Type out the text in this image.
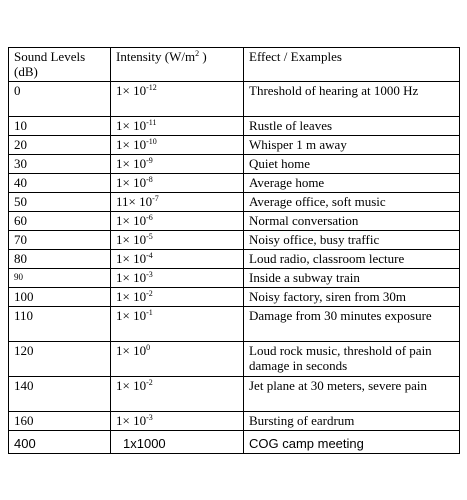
Sound Levels (dB)	Intensity ($W/m^2$ )	Effect / Examples
0	$1\times 10^{-12}$	Threshold of hearing at 1000 Hz
10	$1\times 10^{-11}$	Rustle of leaves
20	$1\times 10^{-10}$	Whisper 1 m away
30	$1\times 10^{-9}$	Quiet home
40	$1\times 10^{-8}$	Average home
50	$11\times 10^{-7}$	Average office, soft music
60	$1\times 10^{-6}$	Normal conversation
70	$1\times 10^{-5}$	Noisy office, busy traffic
80	$1\times 10^{-4}$	Loud radio, classroom lecture
$^{90}$	$1\times 10^{-3}$	Inside a subway train
100	$1\times 10^{-2}$	Noisy factory, siren from 30m
110	$1\times 10^{-1}$	Damage from 30 minutes exposure
120	$1\times 10^0$	Loud rock music, threshold of pain damage in seconds
140	$1\times 10^{-2}$	Jet plane at 30 meters, severe pain
160	$1\times 10^{-3}$	Bursting of eardrum
400	1x1000	COG camp meeting
